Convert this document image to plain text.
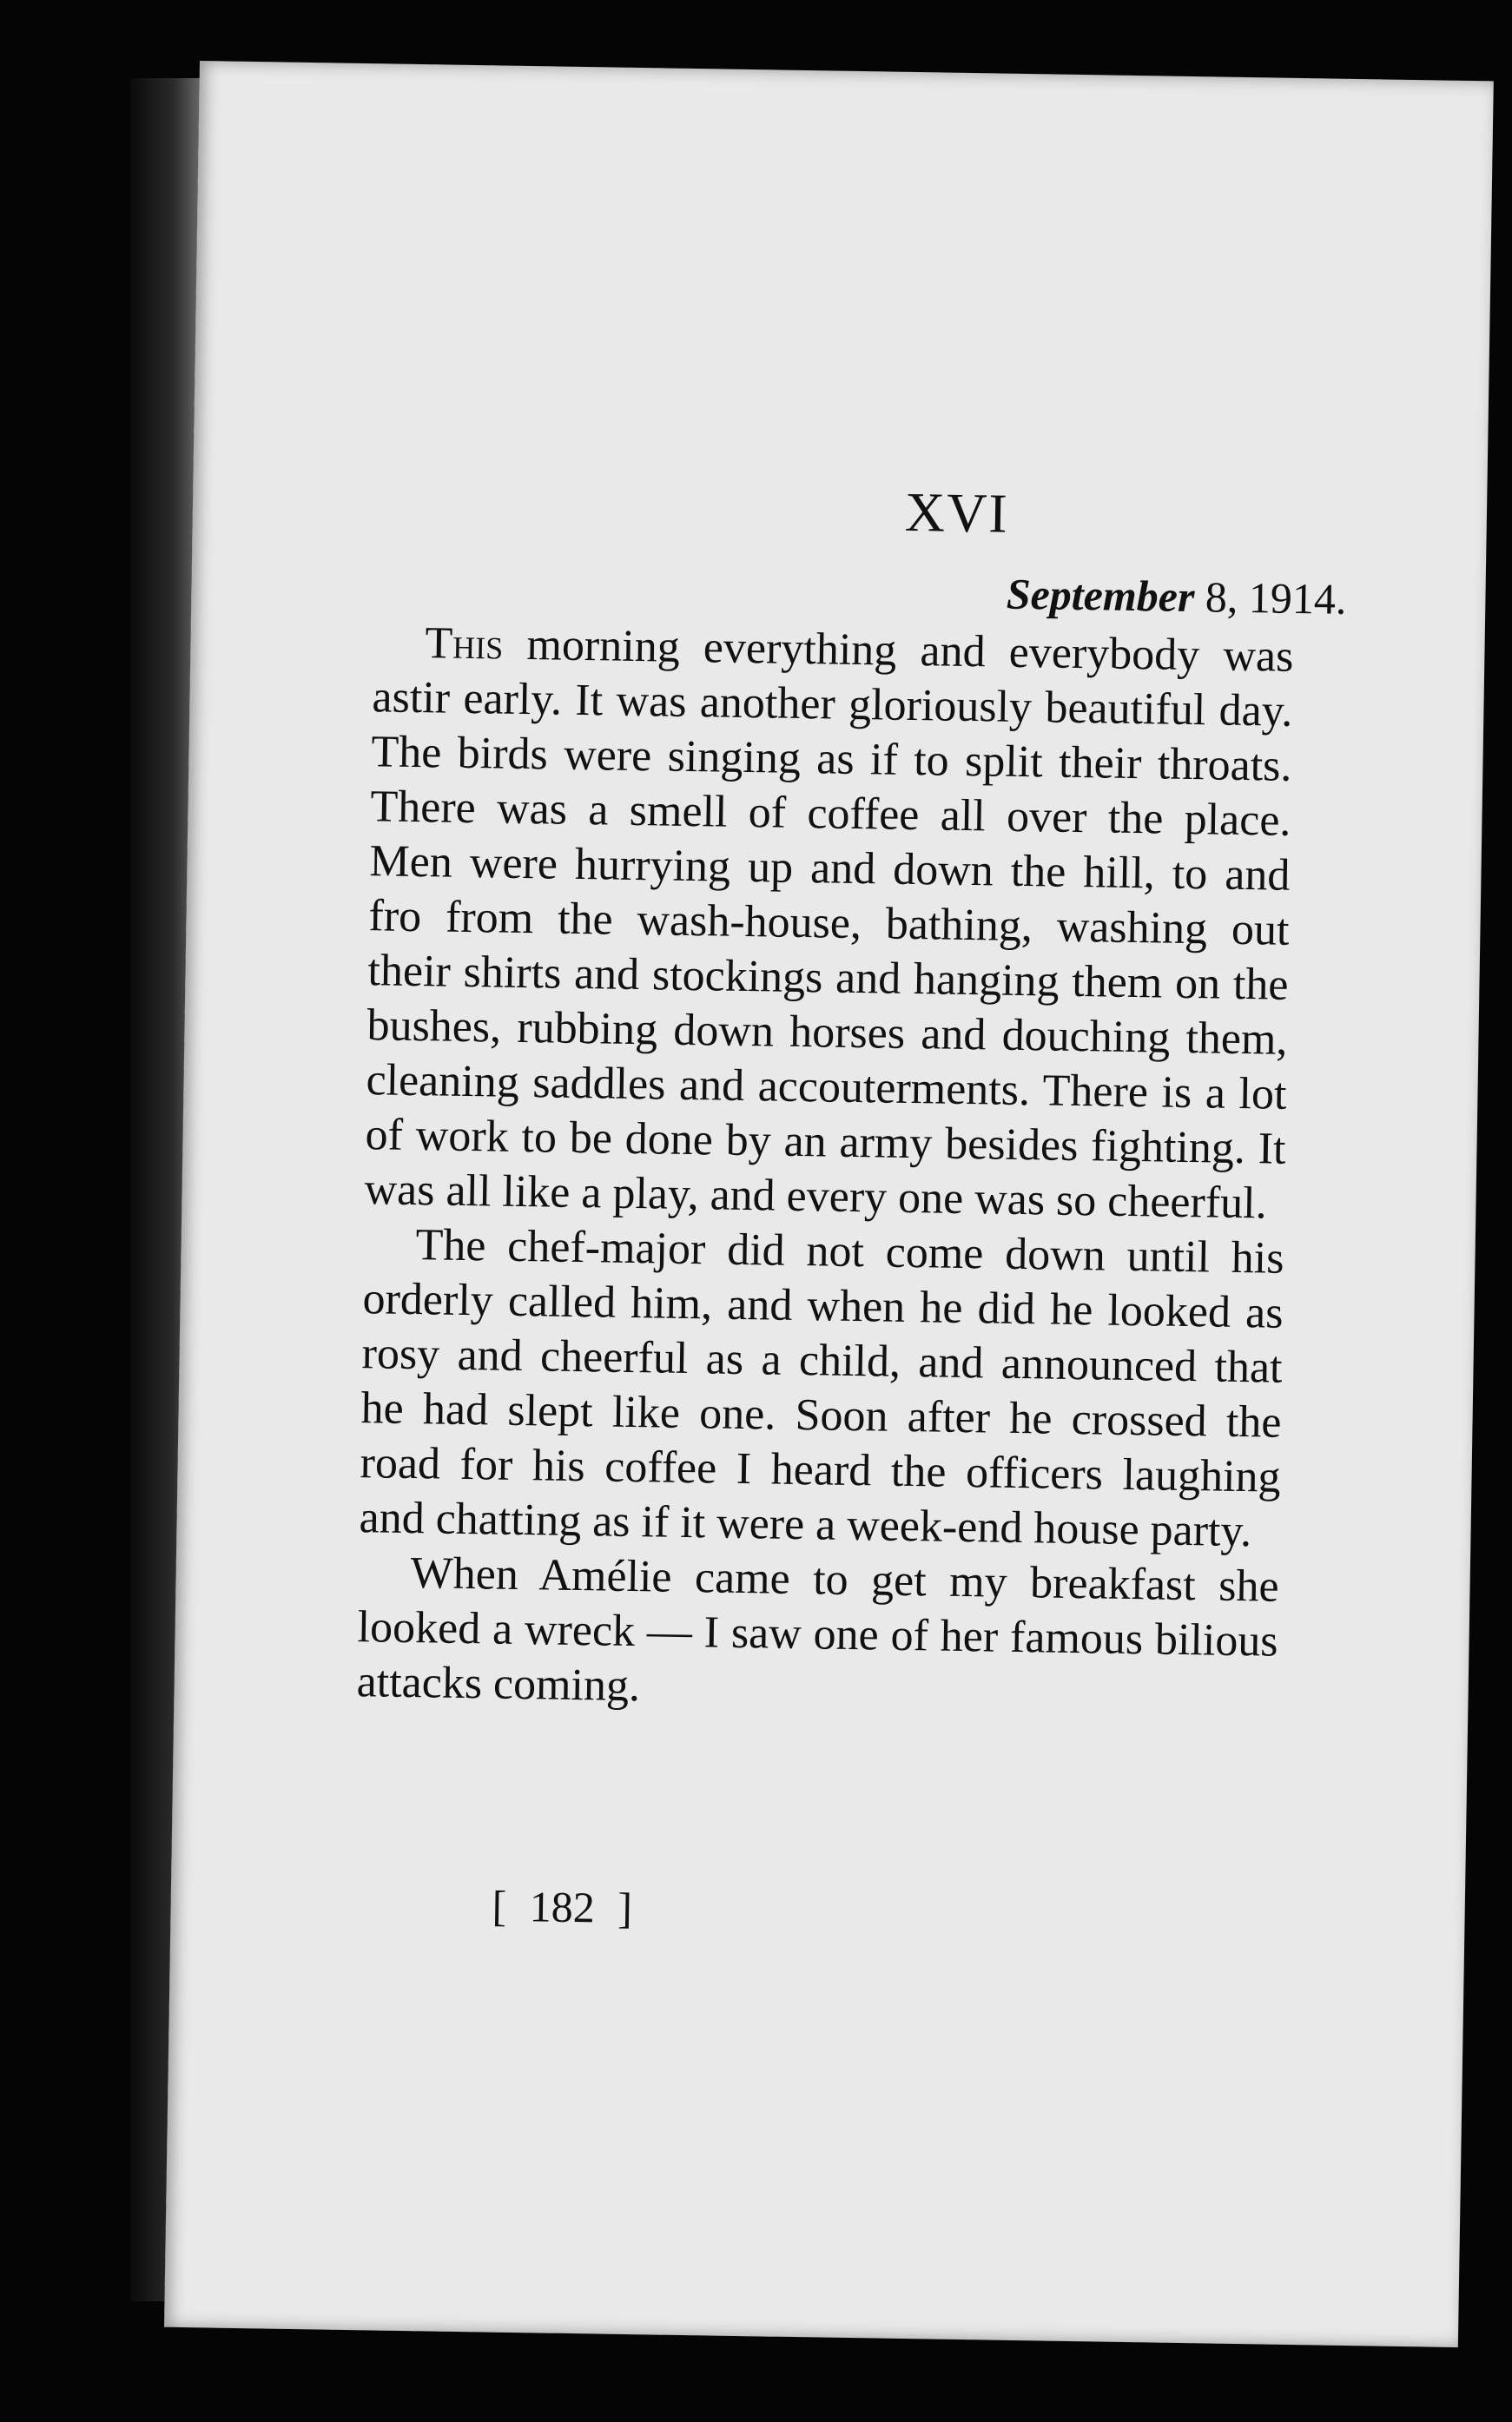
XVI
September 8, 1914.

This morning everything and everybody was astir early. It was another gloriously beautiful day. The birds were singing as if to split their throats. There was a smell of coffee all over the place. Men were hurrying up and down the hill, to and fro from the wash-house, bathing, washing out their shirts and stockings and hanging them on the bushes, rubbing down horses and douching them, cleaning saddles and accouterments. There is a lot of work to be done by an army besides fighting. It was all like a play, and every one was so cheerful.

The chef-major did not come down until his orderly called him, and when he did he looked as rosy and cheerful as a child, and announced that he had slept like one. Soon after he crossed the road for his coffee I heard the officers laughing and chatting as if it were a week-end house party.

When Amélie came to get my breakfast she looked a wreck — I saw one of her famous bilious attacks coming.

[ 182 ]
